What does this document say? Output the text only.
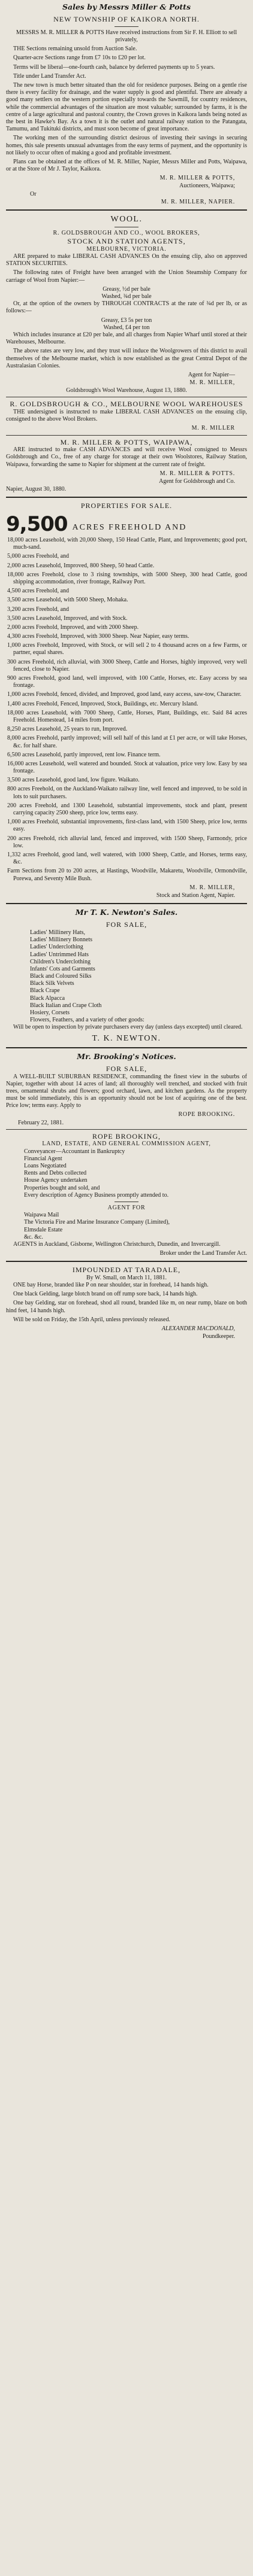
Sales by Messrs Miller & Potts
NEW TOWNSHIP OF KAIKORA NORTH.

MESSRS M. R. MILLER & POTTS Have received instructions from Sir F. H. Elliott to sell privately,

THE Sections remaining unsold from Auction Sale.

Quarter-acre Sections range from £7 10s to £20 per lot.

Terms will be liberal—one-fourth cash, balance by deferred payments up to 5 years.

Title under Land Transfer Act.

The new town is much better situated than the old for residence purposes. Being on a gentle rise there is every facility for drainage, and the water supply is good and plentiful. There are already a good many settlers on the western portion especially towards the Sawmill, for country residences, while the commercial advantages of the situation are most valuable; surrounded by farms, it is the centre of a large agricultural and pastoral country, the Crown groves in Kaikora lands being noted as the best in Hawke's Bay. As a town it is the outlet and natural railway station to the Patangata, Tamumu, and Tukituki districts, and must soon become of great importance.

The working men of the surrounding district desirous of investing their savings in securing homes, this sale presents unusual advantages from the easy terms of payment, and the opportunity is not likely to occur often of making a good and profitable investment.

Plans can be obtained at the offices of M. R. Miller, Napier, Messrs Miller and Potts, Waipawa, or at the Store of Mr J. Taylor, Kaikora.

M. R. MILLER & POTTS,
Auctioneers, Waipawa;
Or
M. R. MILLER, NAPIER.
WOOL.
R. GOLDSBROUGH AND CO., WOOL BROKERS,
STOCK AND STATION AGENTS,
MELBOURNE, VICTORIA.

ARE prepared to make LIBERAL CASH ADVANCES On the ensuing clip, also on approved STATION SECURITIES.

The following rates of Freight have been arranged with the Union Steamship Company for carriage of Wool from Napier:—

Greasy, ½d per bale
Washed, ¾d per bale

Or, at the option of the owners by THROUGH CONTRACTS at the rate of ¾d per lb, or as follows:—

Greasy, £3 5s per ton
Washed, £4 per ton

Which includes insurance at £20 per bale, and all charges from Napier Wharf until stored at their Warehouses, Melbourne.

The above rates are very low, and they trust will induce the Woolgrowers of this district to avail themselves of the Melbourne market, which is now established as the great Central Depot of the Australasian Colonies.

Agent for Napier—
M. R. MILLER,
Goldsbrough's Wool Warehouse, August 13, 1880.
R. GOLDSBROUGH & CO., MELBOURNE WOOL WAREHOUSES

THE undersigned is instructed to make LIBERAL CASH ADVANCES on the ensuing clip, consigned to the above Wool Brokers.

M. R. MILLER
M. R. MILLER & POTTS, WAIPAWA,

ARE instructed to make CASH ADVANCES and will receive Wool consigned to Messrs Goldsbrough and Co., free of any charge for storage at their own Woolstores, Railway Station, Waipawa, forwarding the same to Napier for shipment at the current rate of freight.

M. R. MILLER & POTTS.
Agent for Goldsbrough and Co.
Napier, August 30, 1880.
PROPERTIES FOR SALE.
9,500 ACRES FREEHOLD AND
18,000 acres Leasehold, with 20,000 Sheep, 150 Head Cattle, Plant, and Improvements; good port, much-sand.
5,000 acres Freehold, and
2,000 acres Leasehold, Improved, 800 Sheep, 50 head Cattle.
18,000 acres Freehold, close to 3 rising townships, with 5000 Sheep, 300 head Cattle, good shipping accommodation, river frontage, Railway Port.
4,500 acres Freehold, and
3,500 acres Leasehold, with 5000 Sheep, Mohaka.
3,200 acres Freehold, and
3,500 acres Leasehold, Improved, and with Stock.
2,000 acres Freehold, Improved, and with 2000 Sheep.
4,300 acres Freehold, Improved, with 3000 Sheep. Near Napier, easy terms.
1,000 acres Freehold, Improved, with Stock, or will sell 2 to 4 thousand acres on a few Farms, or partner, equal shares.
300 acres Freehold, rich alluvial, with 3000 Sheep, Cattle and Horses, highly improved, very well fenced, close to Napier.
900 acres Freehold, good land, well improved, with 100 Cattle, Horses, etc. Easy access by sea frontage.
1,000 acres Freehold, fenced, divided, and Improved, good land, easy access, saw-tow, Character.
1,400 acres Freehold, Fenced, Improved, Stock, Buildings, etc. Mercury Island.
18,000 acres Leasehold, with 7000 Sheep, Cattle, Horses, Plant, Buildings, etc. Said 84 acres Freehold. Homestead, 14 miles from port.
8,250 acres Leasehold, 25 years to run, Improved.
8,000 acres Freehold, partly improved; will sell half of this land at £1 per acre, or will take Horses, &c. for half share.
6,500 acres Leasehold, partly improved, rent low. Finance term.
16,000 acres Leasehold, well watered and bounded. Stock at valuation, price very low. Easy by sea frontage.
3,500 acres Leasehold, good land, low figure. Waikato.
800 acres Freehold, on the Auckland-Waikato railway line, well fenced and improved, to be sold in lots to suit purchasers.
200 acres Freehold, and 1300 Leasehold, substantial improvements, stock and plant, present carrying capacity 2500 sheep, price low, terms easy.
1,000 acres Freehold, substantial improvements, first-class land, with 1500 Sheep, price low, terms easy.
200 acres Freehold, rich alluvial land, fenced and improved, with 1500 Sheep, Farmondy, price low.
1,332 acres Freehold, good land, well watered, with 1000 Sheep, Cattle, and Horses, terms easy, &c.
Farm Sections from 20 to 200 acres, at Hastings, Woodville, Makaretu, Woodville, Ormondville, Porewa, and Seventy Mile Bush.
M. R. MILLER,
Stock and Station Agent, Napier.
Mr T. K. Newton's Sales.
FOR SALE,
Ladies' Millinery Hats,
Ladies' Millinery Bonnets
Ladies' Underclothing
Ladies' Untrimmed Hats
Children's Underclothing
Infants' Cots and Garments
Black and Coloured Silks
Black Silk Velvets
Black Crape
Black Alpacca
Black Italian and Crape Cloth
Hosiery, Corsets
Flowers, Feathers, and a variety of other goods:

Will be open to inspection by private purchasers every day (unless days excepted) until cleared.

T. K. NEWTON.
Mr. Brooking's Notices.
FOR SALE,

A WELL-BUILT SUBURBAN RESIDENCE, commanding the finest view in the suburbs of Napier, together with about 14 acres of land; all thoroughly well trenched, and stocked with fruit trees, ornamental shrubs and flowers; good orchard, lawn, and kitchen gardens. As the property must be sold immediately, this is an opportunity should not be lost of acquiring one of the best. Price low; terms easy. Apply to

ROPE BROOKING.
February 22, 1881.
ROPE BROOKING,
LAND, ESTATE, AND GENERAL COMMISSION AGENT,
Conveyancer—Accountant in Bankruptcy
Financial Agent
Loans Negotiated
Rents and Debts collected
House Agency undertaken
Properties bought and sold, and
Every description of Agency Business promptly attended to.
AGENT FOR
Waipawa Mail
The Victoria Fire and Marine Insurance Company (Limited),
Elmsdale Estate
&c. &c.

AGENTS in Auckland, Gisborne, Wellington Christchurch, Dunedin, and Invercargill.

Broker under the Land Transfer Act.
IMPOUNDED AT TARADALE,
By W. Small, on March 11, 1881.

ONE bay Horse, branded like P on near shoulder, star in forehead, 14 hands high.

One black Gelding, large blotch brand on off rump sore back, 14 hands high.

One bay Gelding, star on forehead, shod all round, branded like m, on near rump, blaze on both hind feet, 14 hands high.

Will be sold on Friday, the 15th April, unless previously released.

ALEXANDER MACDONALD,
Poundkeeper.
